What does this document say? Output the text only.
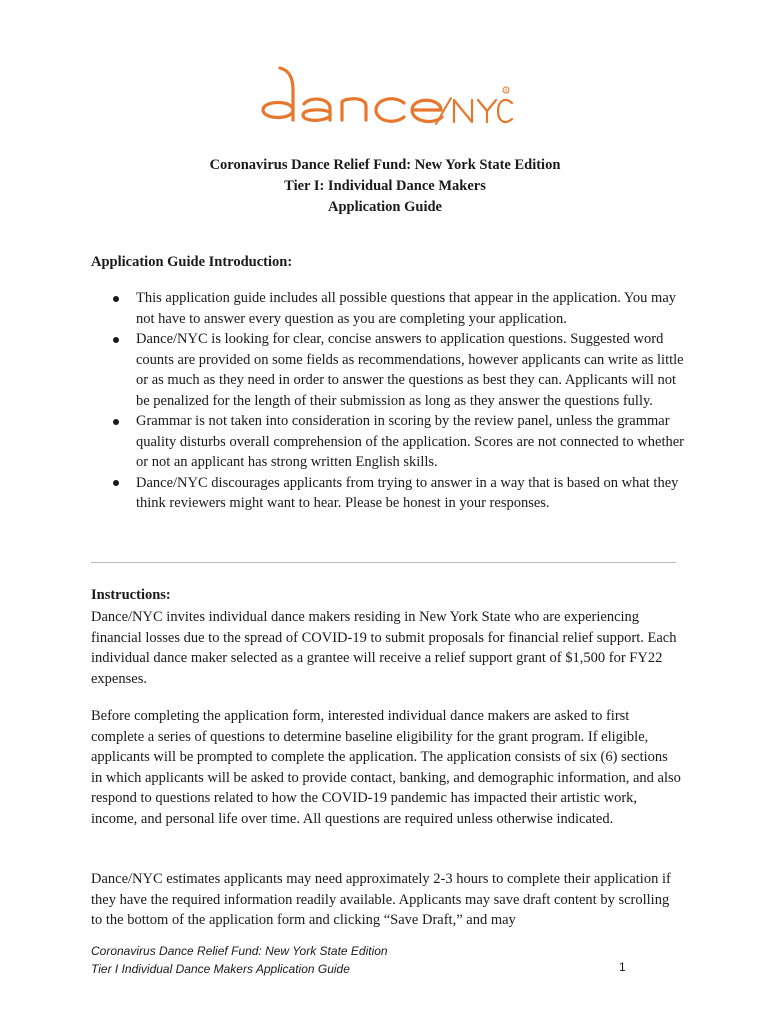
®
Coronavirus Dance Relief Fund: New York State Edition
Tier I: Individual Dance Makers
Application Guide
Application Guide Introduction:
This application guide includes all possible questions that appear in the application. You may not have to answer every question as you are completing your application.
Dance/NYC is looking for clear, concise answers to application questions. Suggested word counts are provided on some fields as recommendations, however applicants can write as little or as much as they need in order to answer the questions as best they can. Applicants will not be penalized for the length of their submission as long as they answer the questions fully.
Grammar is not taken into consideration in scoring by the review panel, unless the grammar quality disturbs overall comprehension of the application. Scores are not connected to whether or not an applicant has strong written English skills.
Dance/NYC discourages applicants from trying to answer in a way that is based on what they think reviewers might want to hear. Please be honest in your responses.
Instructions:

Dance/NYC invites individual dance makers residing in New York State who are experiencing financial losses due to the spread of COVID-19 to submit proposals for financial relief support. Each individual dance maker selected as a grantee will receive a relief support grant of $1,500 for FY22 expenses.

Before completing the application form, interested individual dance makers are asked to first complete a series of questions to determine baseline eligibility for the grant program. If eligible, applicants will be prompted to complete the application. The application consists of six (6) sections in which applicants will be asked to provide contact, banking, and demographic information, and also respond to questions related to how the COVID-19 pandemic has impacted their artistic work, income, and personal life over time. All questions are required unless otherwise indicated.

Dance/NYC estimates applicants may need approximately 2-3 hours to complete their application if they have the required information readily available. Applicants may save draft content by scrolling to the bottom of the application form and clicking “Save Draft,” and may

Coronavirus Dance Relief Fund: New York State Edition
Tier I Individual Dance Makers Application Guide	1
